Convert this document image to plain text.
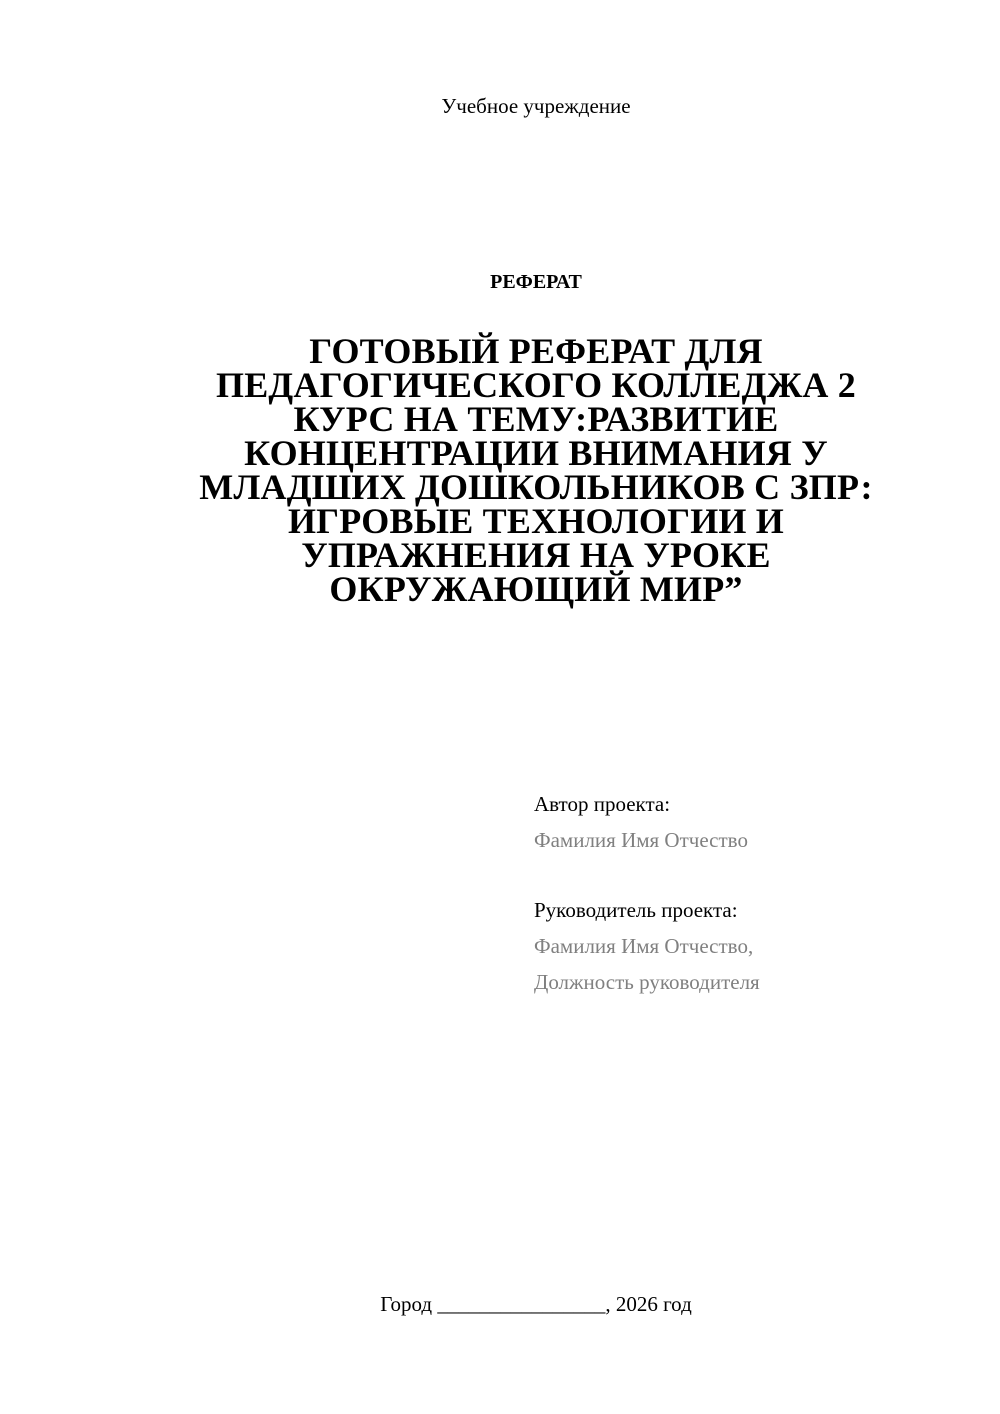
Учебное учреждение
РЕФЕРАТ
ГОТОВЫЙ РЕФЕРАТ ДЛЯ
ПЕДАГОГИЧЕСКОГО КОЛЛЕДЖА 2
КУРС НА ТЕМУ:РАЗВИТИЕ
КОНЦЕНТРАЦИИ ВНИМАНИЯ У
МЛАДШИХ ДОШКОЛЬНИКОВ С ЗПР:
ИГРОВЫЕ ТЕХНОЛОГИИ И
УПРАЖНЕНИЯ НА УРОКЕ
ОКРУЖАЮЩИЙ МИР”
Автор проекта:
Фамилия Имя Отчество
Руководитель проекта:
Фамилия Имя Отчество,
Должность руководителя
Город ________________, 2026 год
